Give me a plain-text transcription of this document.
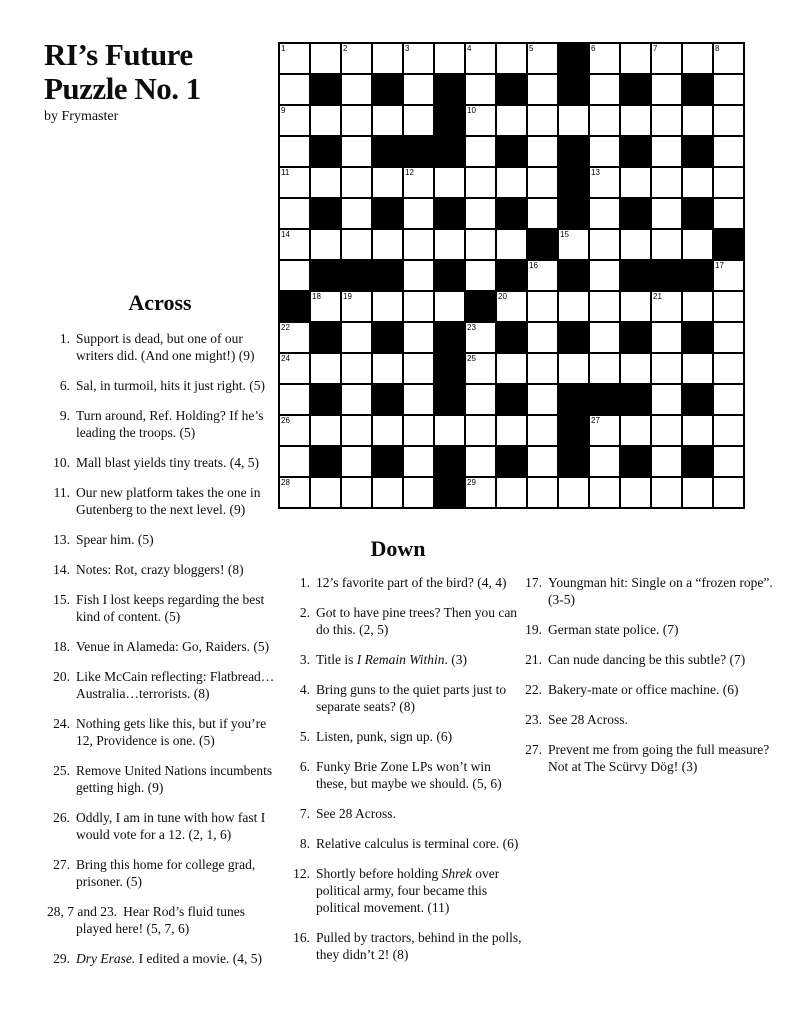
RI’s Future
Puzzle No. 1
by Frymaster
1		2		3		4		5		6		7		8

9						10								

11				12						13				

14									15					

								16						17

	18	19					20					21		

22						23								

24						25								

26										27				

28						29								

Across
1. Support is dead, but one of our writers did. (And one might!) (9)
6. Sal, in turmoil, hits it just right. (5)
9. Turn around, Ref. Holding? If he’s leading the troops. (5)
10. Mall blast yields tiny treats. (4, 5)
11. Our new platform takes the one in Gutenberg to the next level. (9)
13. Spear him. (5)
14. Notes: Rot, crazy bloggers! (8)
15. Fish I lost keeps regarding the best kind of content. (5)
18. Venue in Alameda: Go, Raiders. (5)
20. Like McCain reflecting: Flatbread… Australia…terrorists. (8)
24. Nothing gets like this, but if you’re 12, Providence is one. (5)
25. Remove United Nations incumbents getting high. (9)
26. Oddly, I am in tune with how fast I would vote for a 12. (2, 1, 6)
27. Bring this home for college grad, prisoner. (5)
28, 7 and 23. Hear Rod’s fluid tunes played here! (5, 7, 6)
29. Dry Erase. I edited a movie. (4, 5)
Down
1. 12’s favorite part of the bird? (4, 4)
2. Got to have pine trees? Then you can do this. (2, 5)
3. Title is I Remain Within. (3)
4. Bring guns to the quiet parts just to separate seats? (8)
5. Listen, punk, sign up. (6)
6. Funky Brie Zone LPs won’t win these, but maybe we should. (5, 6)
7. See 28 Across.
8. Relative calculus is terminal core. (6)
12. Shortly before holding Shrek over political army, four became this political movement. (11)
16. Pulled by tractors, behind in the polls, they didn’t 2! (8)
17. Youngman hit: Single on a “frozen rope”. (3-5)
19. German state police. (7)
21. Can nude dancing be this subtle? (7)
22. Bakery-mate or office machine. (6)
23. See 28 Across.
27. Prevent me from going the full measure? Not at The Scürvy Dög! (3)
